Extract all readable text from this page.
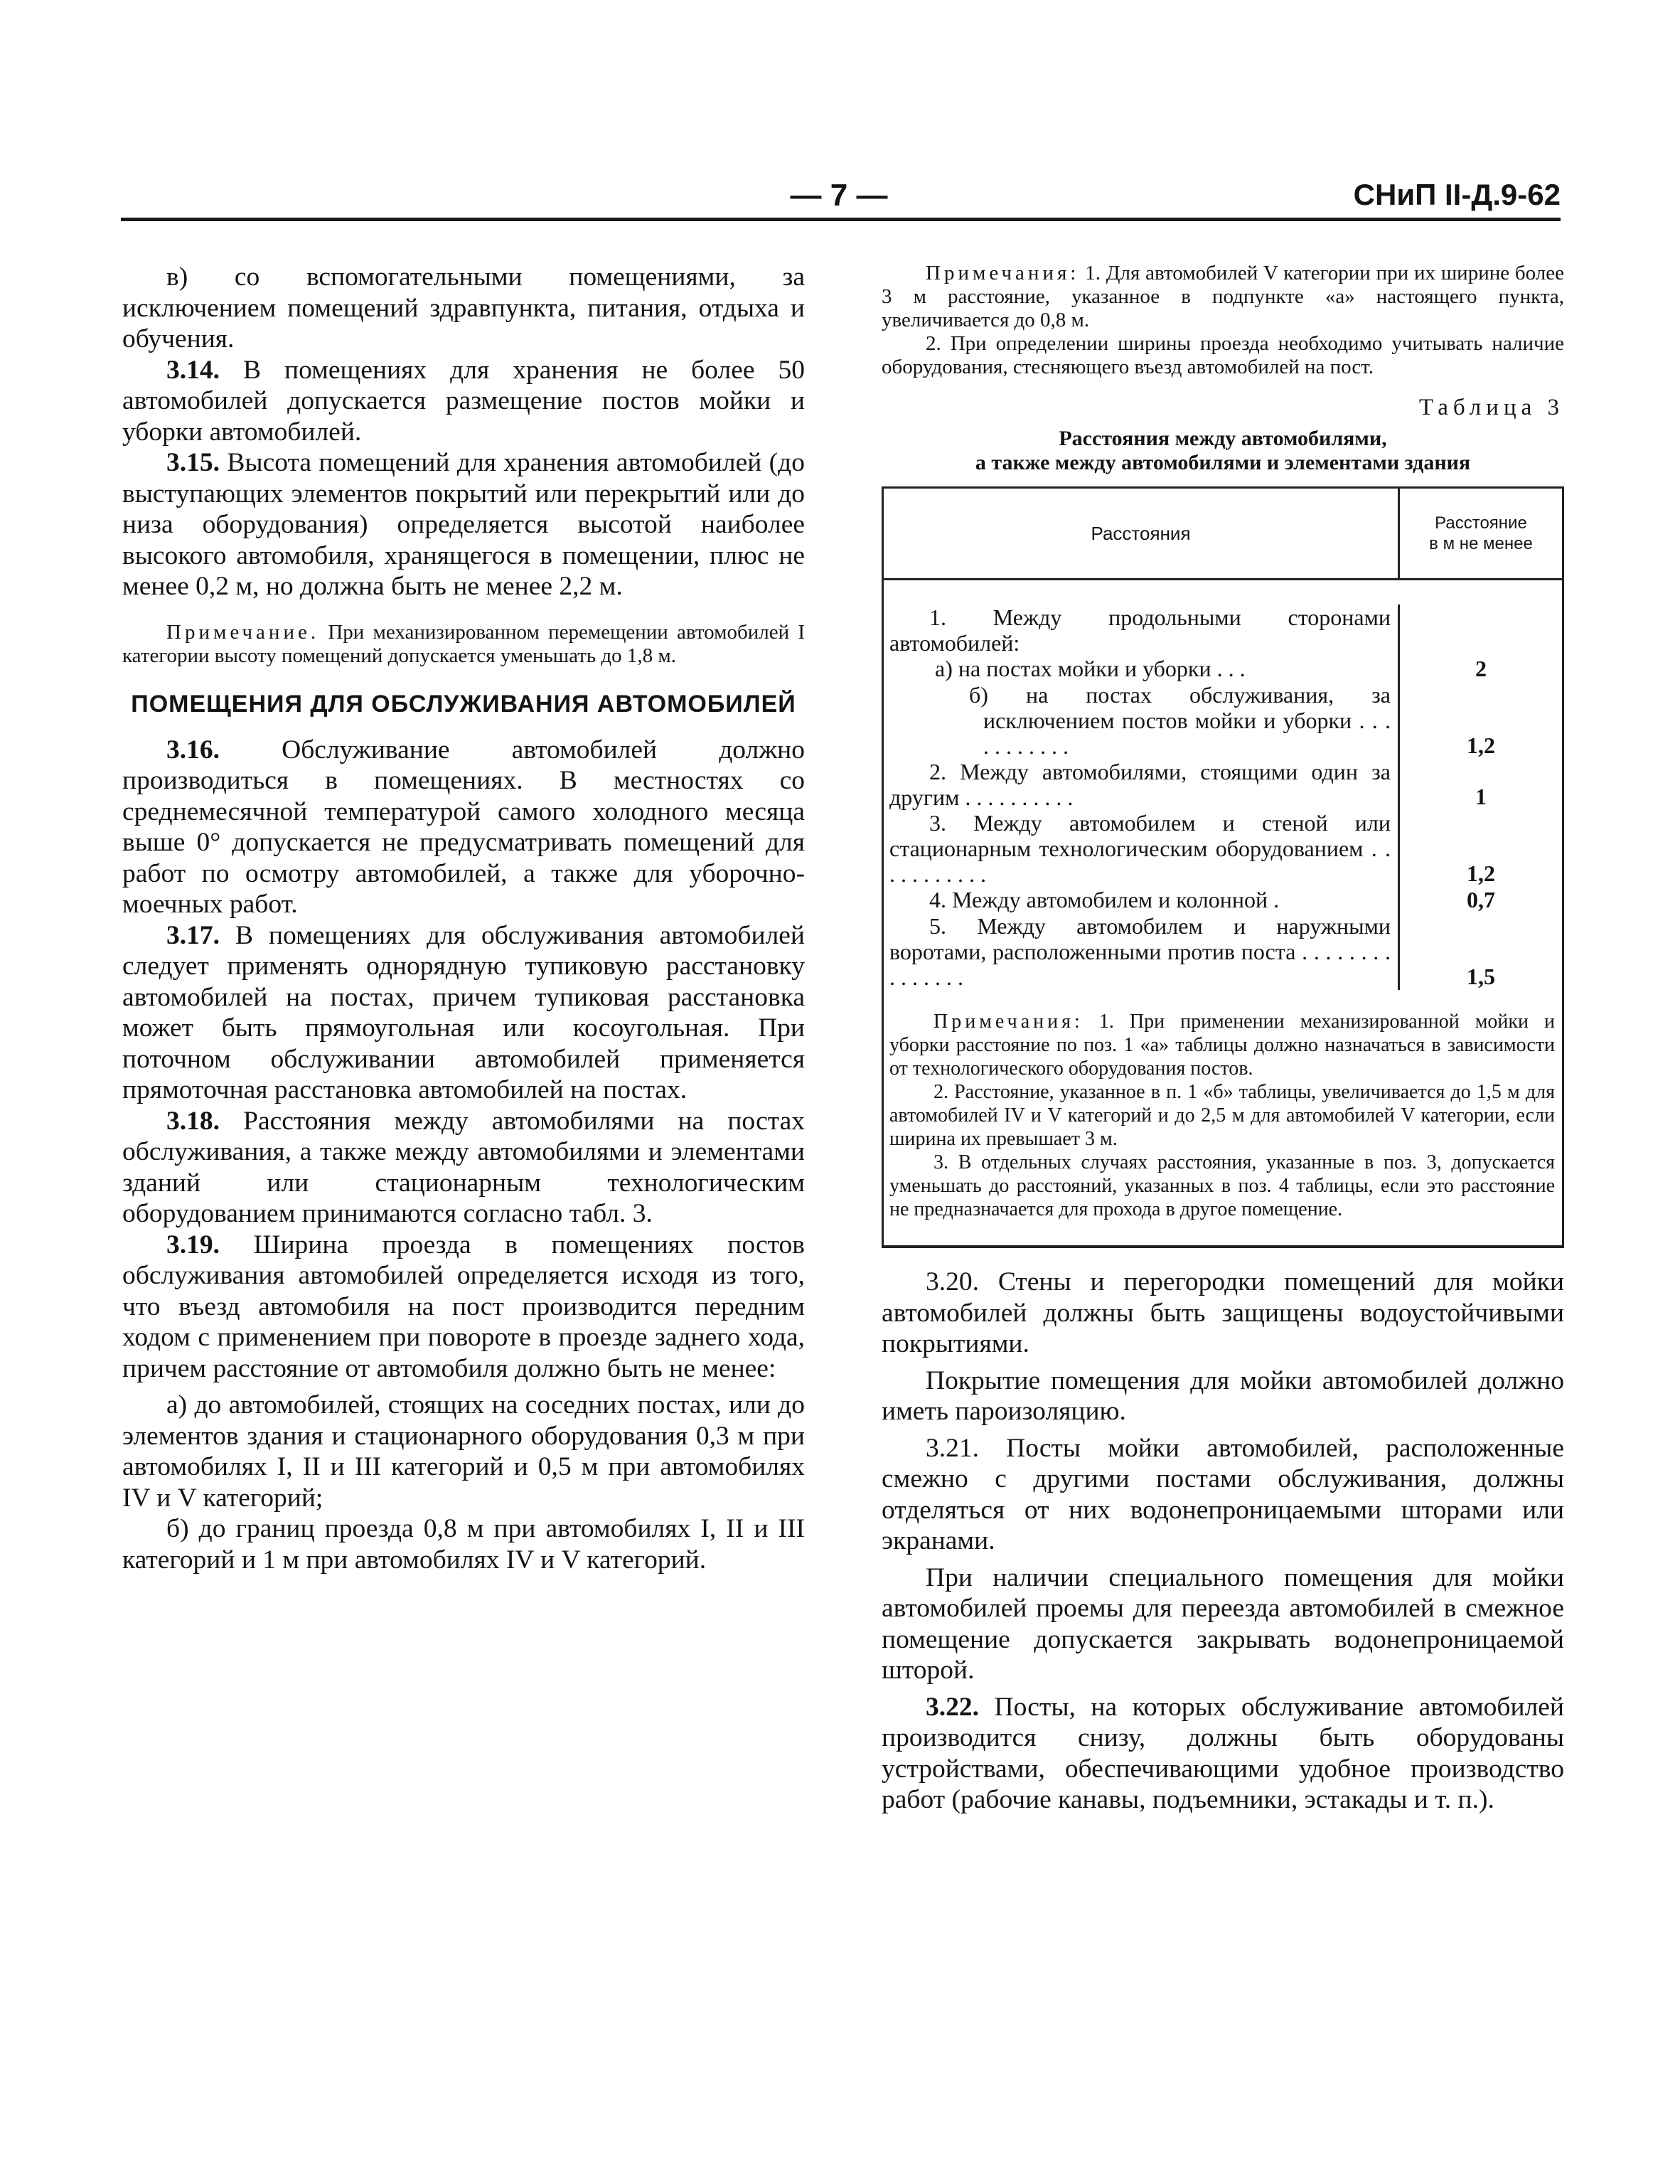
— 7 —	СНиП II-Д.9-62

в) со вспомогательными помещениями, за исключением помещений здравпункта, питания, отдыха и обучения.

3.14. В помещениях для хранения не более 50 автомобилей допускается размещение постов мойки и уборки автомобилей.

3.15. Высота помещений для хранения автомобилей (до выступающих элементов покрытий или перекрытий или до низа оборудования) определяется высотой наиболее высокого автомобиля, хранящегося в помещении, плюс не менее 0,2 м, но должна быть не менее 2,2 м.

Примечание. При механизированном перемещении автомобилей I категории высоту помещений допускается уменьшать до 1,8 м.

ПОМЕЩЕНИЯ ДЛЯ ОБСЛУЖИВАНИЯ АВТОМОБИЛЕЙ

3.16. Обслуживание автомобилей должно производиться в помещениях. В местностях со среднемесячной температурой самого холодного месяца выше 0° допускается не предусматривать помещений для работ по осмотру автомобилей, а также для уборочно-моечных работ.

3.17. В помещениях для обслуживания автомобилей следует применять однорядную тупиковую расстановку автомобилей на постах, причем тупиковая расстановка может быть прямоугольная или косоугольная. При поточном обслуживании автомобилей применяется прямоточная расстановка автомобилей на постах.

3.18. Расстояния между автомобилями на постах обслуживания, а также между автомобилями и элементами зданий или стационарным технологическим оборудованием принимаются согласно табл. 3.

3.19. Ширина проезда в помещениях постов обслуживания автомобилей определяется исходя из того, что въезд автомобиля на пост производится передним ходом с применением при повороте в проезде заднего хода, причем расстояние от автомобиля должно быть не менее:

а) до автомобилей, стоящих на соседних постах, или до элементов здания и стационарного оборудования 0,3 м при автомобилях I, II и III категорий и 0,5 м при автомобилях IV и V категорий;

б) до границ проезда 0,8 м при автомобилях I, II и III категорий и 1 м при автомобилях IV и V категорий.

Примечания: 1. Для автомобилей V категории при их ширине более 3 м расстояние, указанное в подпункте «а» настоящего пункта, увеличивается до 0,8 м.

2. При определении ширины проезда необходимо учитывать наличие оборудования, стесняющего въезд автомобилей на пост.

Таблица 3
Расстояния между автомобилями,
а также между автомобилями и элементами здания
Расстояния	Расстояние
в м не менее
1. Между продольными сторонами автомобилей:
а) на постах мойки и уборки . . .	2
б) на постах обслуживания, за исключением постов мойки и уборки . . . . . . . . . . .	1,2
2. Между автомобилями, стоящими один за другим . . . . . . . . . .	1
3. Между автомобилем и стеной или стационарным технологическим оборудованием . . . . . . . . . . .	1,2
4. Между автомобилем и колонной .	0,7
5. Между автомобилем и наружными воротами, расположенными против поста . . . . . . . . . . . . . . .	1,5

Примечания: 1. При применении механизированной мойки и уборки расстояние по поз. 1 «а» таблицы должно назначаться в зависимости от технологического оборудования постов.

2. Расстояние, указанное в п. 1 «б» таблицы, увеличивается до 1,5 м для автомобилей IV и V категорий и до 2,5 м для автомобилей V категории, если ширина их превышает 3 м.

3. В отдельных случаях расстояния, указанные в поз. 3, допускается уменьшать до расстояний, указанных в поз. 4 таблицы, если это расстояние не предназначается для прохода в другое помещение.

3.20. Стены и перегородки помещений для мойки автомобилей должны быть защищены водоустойчивыми покрытиями.

Покрытие помещения для мойки автомобилей должно иметь пароизоляцию.

3.21. Посты мойки автомобилей, расположенные смежно с другими постами обслуживания, должны отделяться от них водонепроницаемыми шторами или экранами.

При наличии специального помещения для мойки автомобилей проемы для переезда автомобилей в смежное помещение допускается закрывать водонепроницаемой шторой.

3.22. Посты, на которых обслуживание автомобилей производится снизу, должны быть оборудованы устройствами, обеспечивающими удобное производство работ (рабочие канавы, подъемники, эстакады и т. п.).
